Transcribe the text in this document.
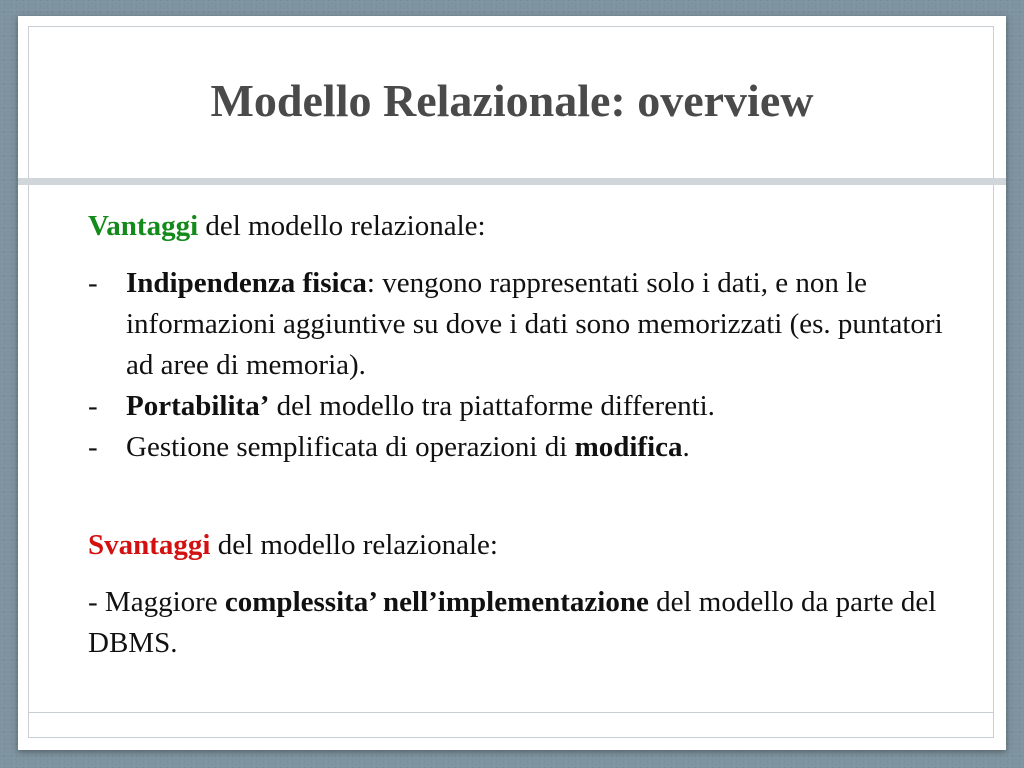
Modello Relazionale: overview

Vantaggi del modello relazionale:

- Indipendenza fisica: vengono rappresentati solo i dati, e non le informazioni aggiuntive su dove i dati sono memorizzati (es. puntatori ad aree di memoria).
- Portabilita’ del modello tra piattaforme differenti.
- Gestione semplificata di operazioni di modifica.

Svantaggi del modello relazionale:

- Maggiore complessita’ nell’implementazione del modello da parte del DBMS.
